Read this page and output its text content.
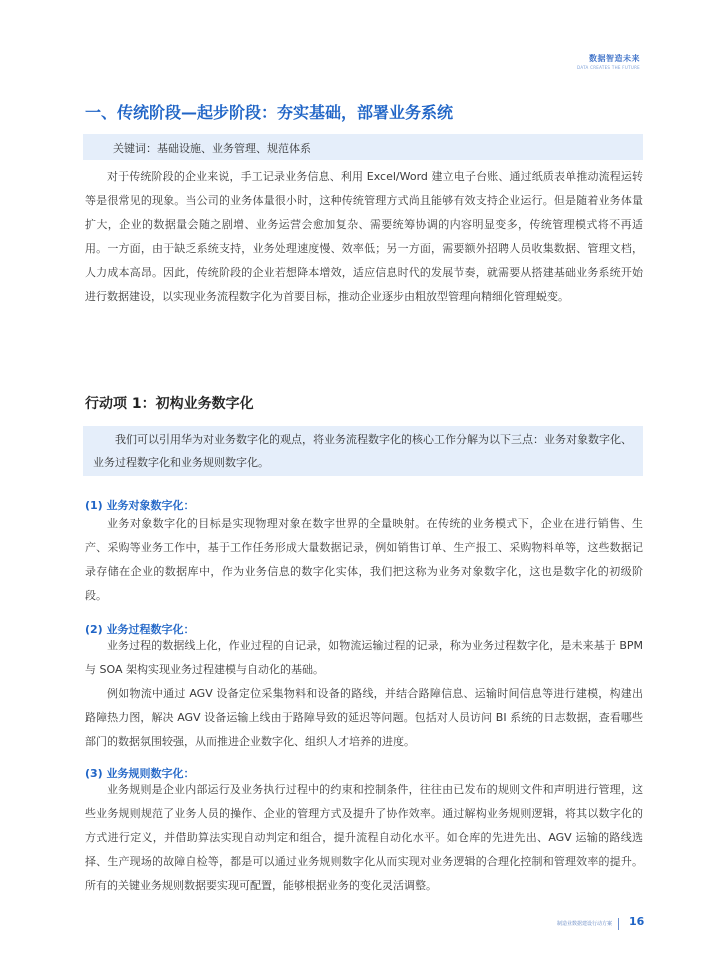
数据智造未来
DATA CREATES THE FUTURE
一、传统阶段—起步阶段：夯实基础，部署业务系统
关键词：基础设施、业务管理、规范体系
对于传统阶段的企业来说，手工记录业务信息、利用 Excel/Word 建立电子台账、通过纸质表单推动流程运转等是很常见的现象。当公司的业务体量很小时，这种传统管理方式尚且能够有效支持企业运行。但是随着业务体量扩大，企业的数据量会随之剧增、业务运营会愈加复杂、需要统筹协调的内容明显变多，传统管理模式将不再适用。一方面，由于缺乏系统支持，业务处理速度慢、效率低；另一方面，需要额外招聘人员收集数据、管理文档，人力成本高昂。因此，传统阶段的企业若想降本增效，适应信息时代的发展节奏，就需要从搭建基础业务系统开始进行数据建设，以实现业务流程数字化为首要目标，推动企业逐步由粗放型管理向精细化管理蜕变。
行动项 1：初构业务数字化
我们可以引用华为对业务数字化的观点，将业务流程数字化的核心工作分解为以下三点：业务对象数字化、业务过程数字化和业务规则数字化。
(1) 业务对象数字化：
业务对象数字化的目标是实现物理对象在数字世界的全量映射。在传统的业务模式下，企业在进行销售、生产、采购等业务工作中，基于工作任务形成大量数据记录，例如销售订单、生产报工、采购物料单等，这些数据记录存储在企业的数据库中，作为业务信息的数字化实体，我们把这称为业务对象数字化，这也是数字化的初级阶段。
(2) 业务过程数字化：
业务过程的数据线上化，作业过程的自记录，如物流运输过程的记录，称为业务过程数字化，是未来基于 BPM 与 SOA 架构实现业务过程建模与自动化的基础。
例如物流中通过 AGV 设备定位采集物料和设备的路线，并结合路障信息、运输时间信息等进行建模，构建出路障热力图，解决 AGV 设备运输上线由于路障导致的延迟等问题。包括对人员访问 BI 系统的日志数据，查看哪些部门的数据氛围较强，从而推进企业数字化、组织人才培养的进度。
(3) 业务规则数字化：
业务规则是企业内部运行及业务执行过程中的约束和控制条件，往往由已发布的规则文件和声明进行管理，这些业务规则规范了业务人员的操作、企业的管理方式及提升了协作效率。通过解构业务规则逻辑，将其以数字化的方式进行定义，并借助算法实现自动判定和组合，提升流程自动化水平。如仓库的先进先出、AGV 运输的路线选择、生产现场的故障自检等，都是可以通过业务规则数字化从而实现对业务逻辑的合理化控制和管理效率的提升。所有的关键业务规则数据要实现可配置，能够根据业务的变化灵活调整。
制造业数据建设行动方案 16
